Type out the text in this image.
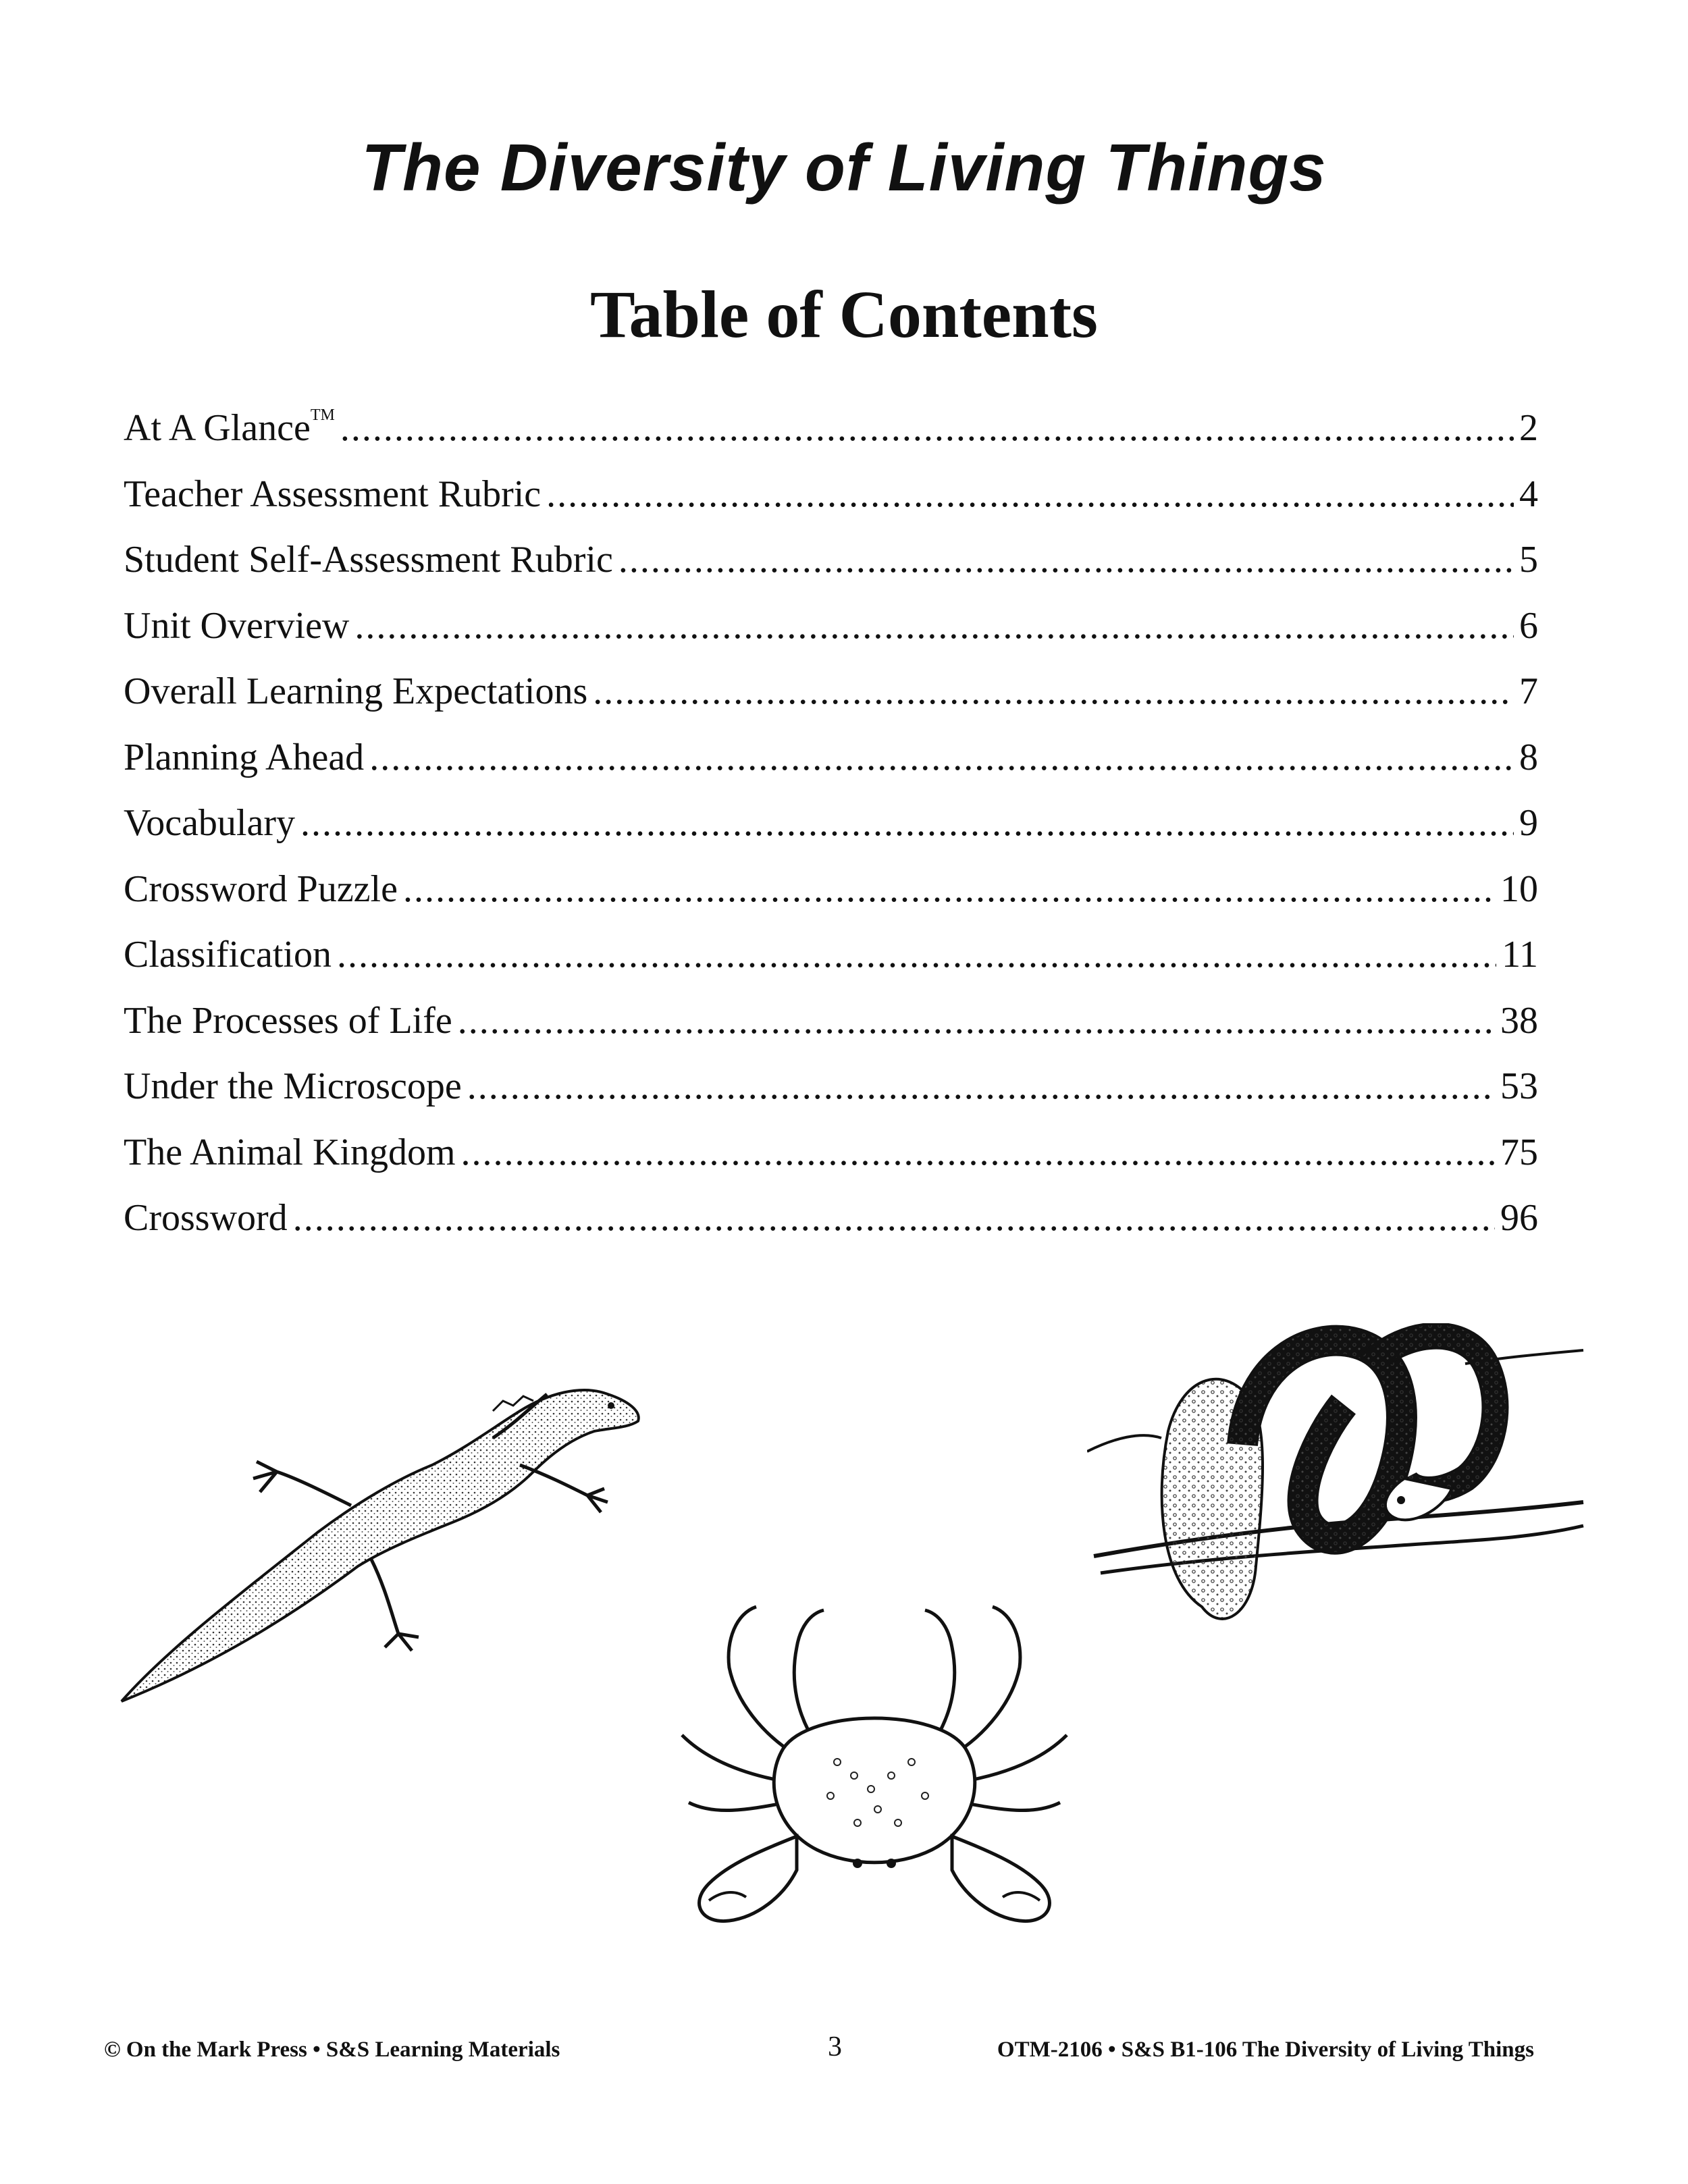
The Diversity of Living Things
Table of Contents
At A Glance™ .....	2
Teacher Assessment Rubric .....	4
Student Self-Assessment Rubric .....	5
Unit Overview .....	6
Overall Learning Expectations .....	7
Planning Ahead .....	8
Vocabulary .....	9
Crossword Puzzle .....	10
Classification .....	11
The Processes of Life .....	38
Under the Microscope .....	53
The Animal Kingdom .....	75
Crossword .....	96
© On the Mark Press • S&S Learning Materials	3	OTM-2106 • S&S B1-106 The Diversity of Living Things
